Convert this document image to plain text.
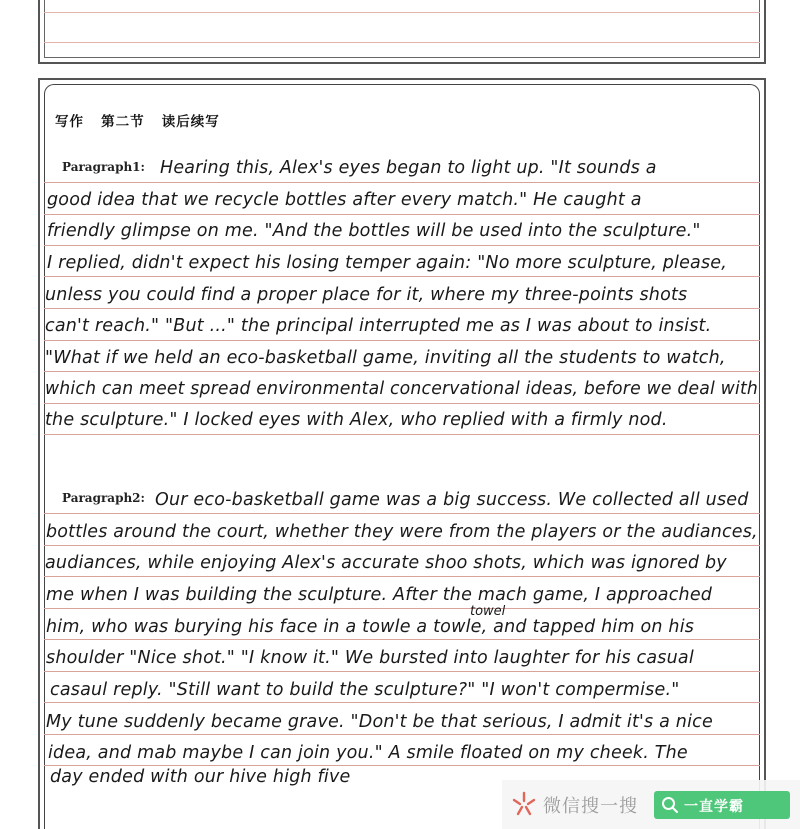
写作   第二节   读后续写
Paragraph1: Hearing this, Alex's eyes began to light up. "It sounds a
good idea that we recycle bottles after every match." He caught a
friendly glimpse on me. "And the bottles will be used into the sculpture."
I replied, didn't expect his losing temper again: "No more sculpture, please,
unless you could find a proper place for it, where my three-points shots
can't reach." "But ..." the principal interrupted me as I was about to insist.
"What if we held an eco-basketball game, inviting all the students to watch,
which can meet spread environmental concervational ideas, before we deal with
the sculpture." I locked eyes with Alex, who replied with a firmly nod.
Paragraph2: Our eco-basketball game was a big success. We collected all used
bottles around the court, whether they were from the players or the audiances,
audiances, while enjoying Alex's accurate shoo shots, which was ignored by
me when I was building the sculpture. After the mach game, I approached
towel
him, who was burying his face in a towle a towle, and tapped him on his
shoulder "Nice shot." "I know it." We bursted into laughter for his casual
casaul reply. "Still want to build the sculpture?" "I won't compermise."
My tune suddenly became grave. "Don't be that serious, I admit it's a nice
idea, and mab maybe I can join you." A smile floated on my cheek. The
day ended with our hive high five
微信搜一搜	一直学霸
